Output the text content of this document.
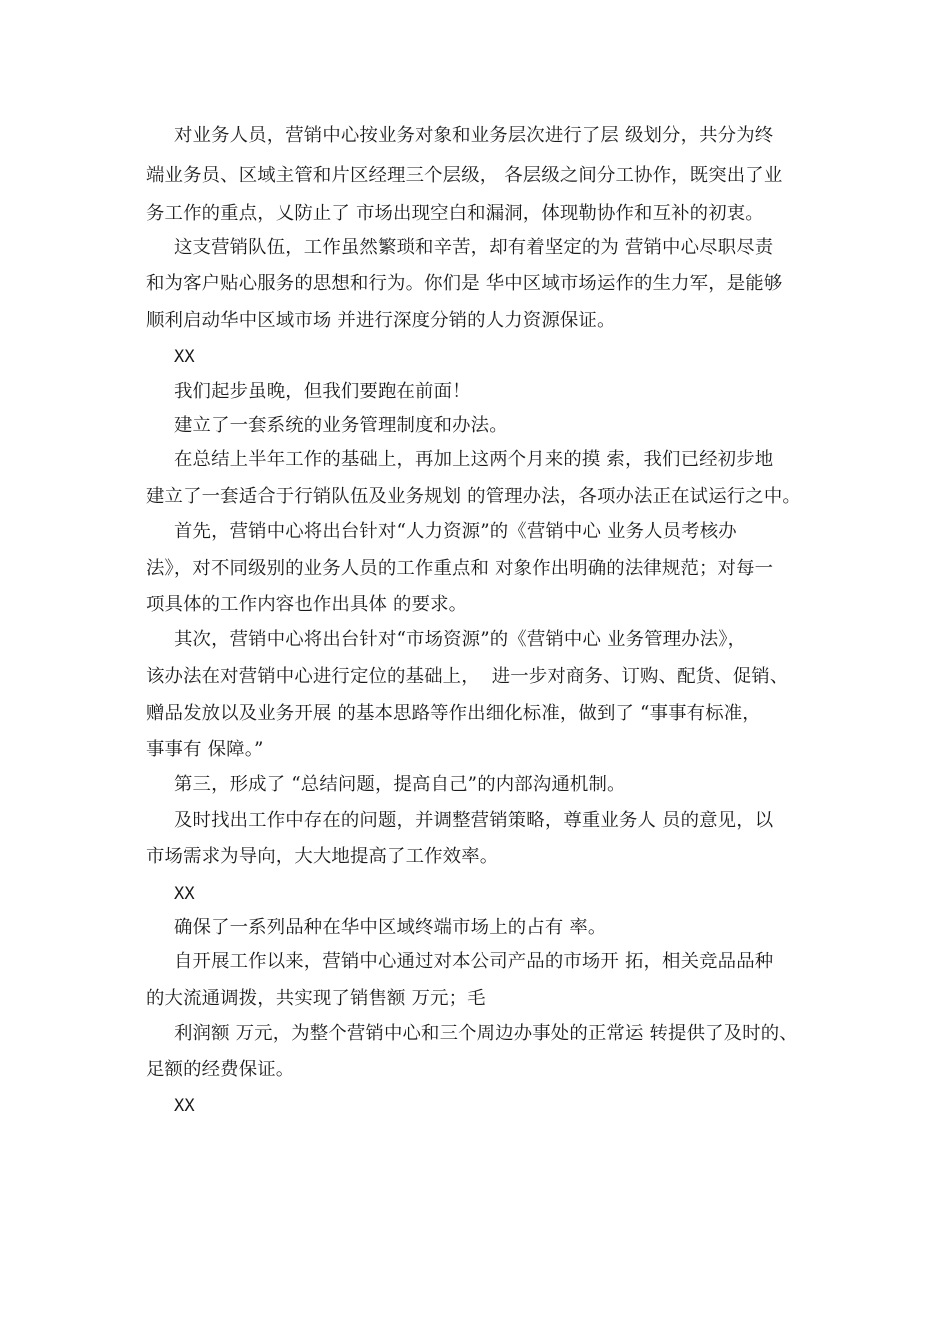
对业务人员，营销中心按业务对象和业务层次进行了层 级划分，共分为终
端业务员、区域主管和片区经理三个层级， 各层级之间分工协作，既突出了业
务工作的重点，乂防止了 市场出现空白和漏洞，体现勒协作和互补的初衷。
这支营销队伍，工作虽然繁琐和辛苦，却有着坚定的为 营销中心尽职尽责
和为客户贴心服务的思想和行为。你们是 华中区域市场运作的生力军，是能够
顺利启动华中区域市场 并进行深度分销的人力资源保证。
XX
我们起步虽晚，但我们要跑在前面！
建立了一套系统的业务管理制度和办法。
在总结上半年工作的基础上，再加上这两个月来的摸 索，我们已经初步地
建立了一套适合于行销队伍及业务规划 的管理办法，各项办法正在试运行之中。
首先，营销中心将出台针对“人力资源”的《营销中心 业务人员考核办
法》，对不同级别的业务人员的工作重点和 对象作出明确的法律规范；对每一
项具体的工作内容也作出具体 的要求。
其次，营销中心将出台针对“市场资源”的《营销中心 业务管理办法》，
该办法在对营销中心进行定位的基础上，  进一步对商务、订购、配货、促销、
赠品发放以及业务开展 的基本思路等作出细化标准，做到了 “事事有标准，
事事有 保障。”
第三，形成了 “总结问题，提高自己”的内部沟通机制。
及时找出工作中存在的问题，并调整营销策略，尊重业务人 员的意见，以
市场需求为导向，大大地提高了工作效率。
XX
确保了一系列品种在华中区域终端市场上的占有 率。
自开展工作以来，营销中心通过对本公司产品的市场开 拓，相关竞品品种
的大流通调拨，共实现了销售额 万元；毛
利润额 万元，为整个营销中心和三个周边办事处的正常运 转提供了及时的、
足额的经费保证。
XX
